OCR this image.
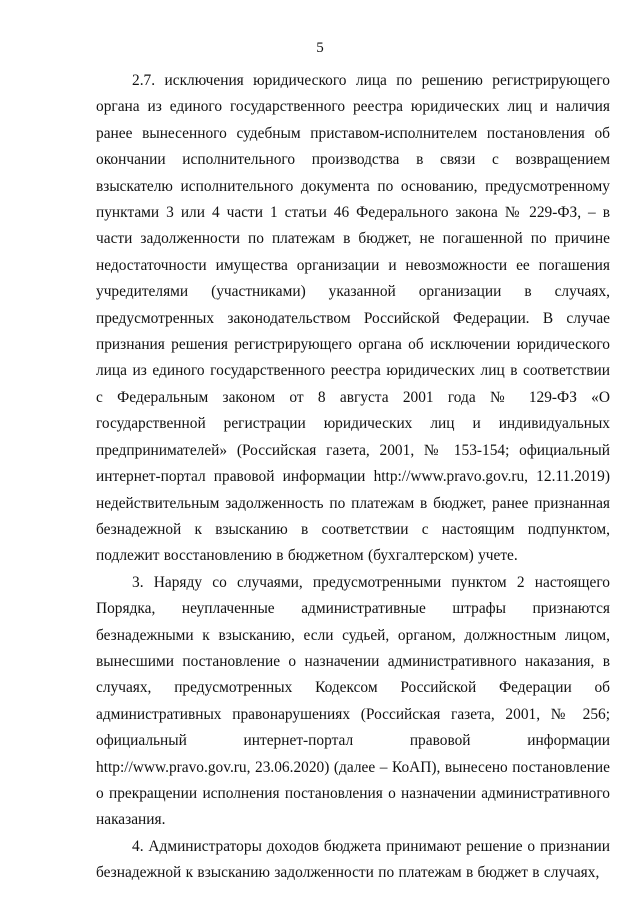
5

2.7. исключения юридического лица по решению регистрирующего органа из единого государственного реестра юридических лиц и наличия ранее вынесенного судебным приставом-исполнителем постановления об окончании исполнительного производства в связи с возвращением взыскателю исполнительного документа по основанию, предусмотренному пунктами 3 или 4 части 1 статьи 46 Федерального закона № 229-ФЗ, – в части задолженности по платежам в бюджет, не погашенной по причине недостаточности имущества организации и невозможности ее погашения учредителями (участниками) указанной организации в случаях, предусмотренных законодательством Российской Федерации. В случае признания решения регистрирующего органа об исключении юридического лица из единого государственного реестра юридических лиц в соответствии с Федеральным законом от 8 августа 2001 года № 129-ФЗ «О государственной регистрации юридических лиц и индивидуальных предпринимателей» (Российская газета, 2001, № 153-154; официальный интернет-портал правовой информации http://www.pravo.gov.ru, 12.11.2019) недействительным задолженность по платежам в бюджет, ранее признанная безнадежной к взысканию в соответствии с настоящим подпунктом, подлежит восстановлению в бюджетном (бухгалтерском) учете.

3. Наряду со случаями, предусмотренными пунктом 2 настоящего Порядка, неуплаченные административные штрафы признаются безнадежными к взысканию, если судьей, органом, должностным лицом, вынесшими постановление о назначении административного наказания, в случаях, предусмотренных Кодексом Российской Федерации об административных правонарушениях (Российская газета, 2001, № 256; официальный интернет-портал правовой информации http://www.pravo.gov.ru, 23.06.2020) (далее – КоАП), вынесено постановление о прекращении исполнения постановления о назначении административного наказания.

4. Администраторы доходов бюджета принимают решение о признании безнадежной к взысканию задолженности по платежам в бюджет в случаях,
